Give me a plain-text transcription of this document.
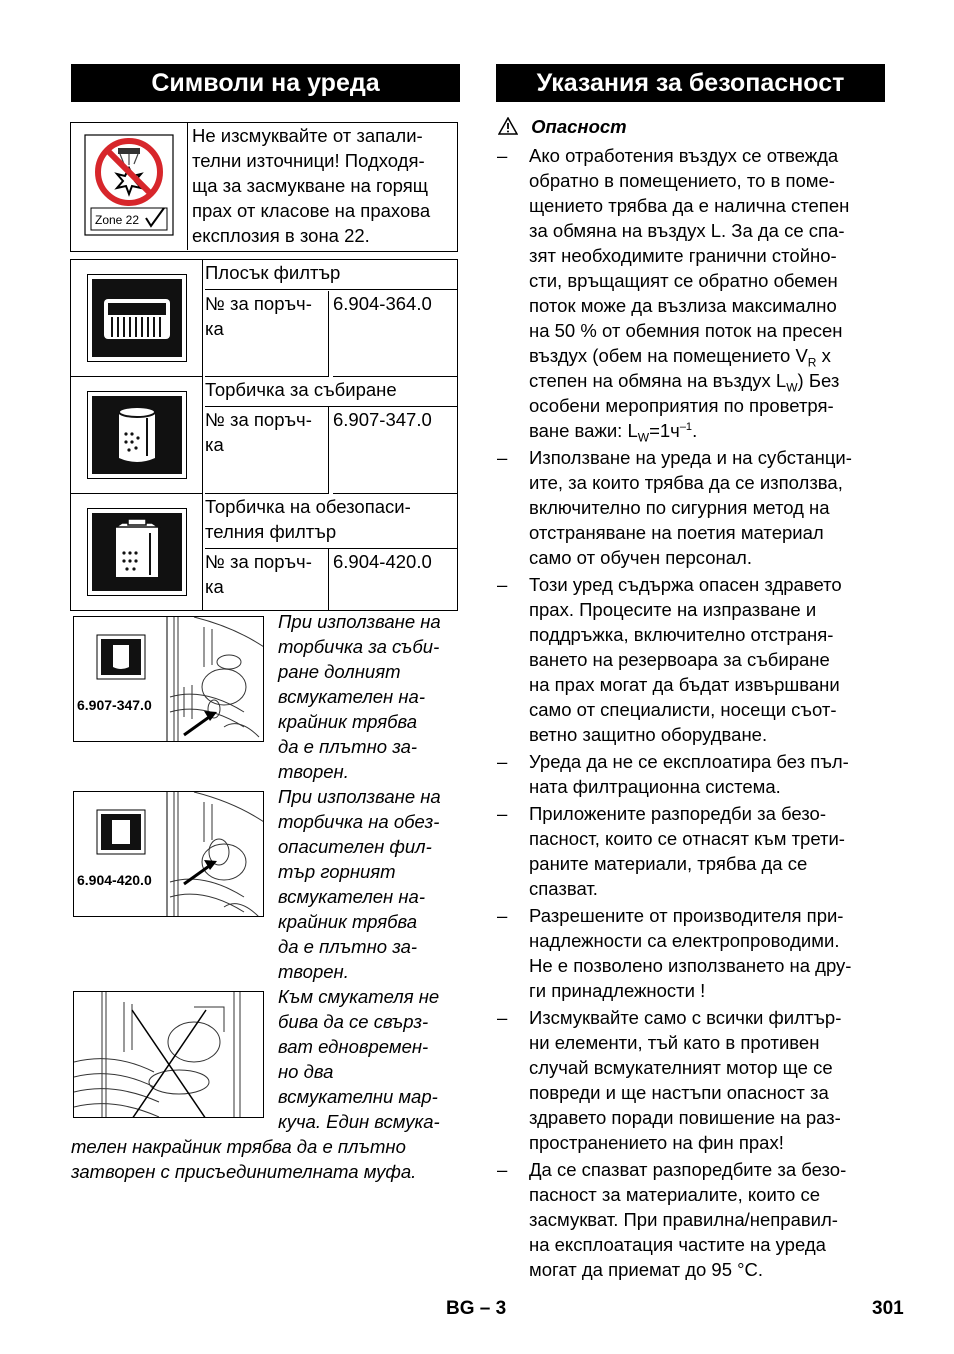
Символи на уреда
Zone 22
Не изсмуквайте от запали-
телни източници! Подходя-
ща за засмукване на горящ
прах от класове на прахова
експлозия в зона 22.
Плосък филтър
№ за поръч-
ка
6.904-364.0
Торбичка за събиране
№ за поръч-
ка
6.907-347.0
Торбичка на обезопаси-
телния филтър
№ за поръч-
ка
6.904-420.0
6.907-347.0
При използване на
торбичка за съби-
ране долният
всмукателен на-
крайник трябва
да е плътно за-
творен.
6.904-420.0
При използване на
торбичка на обез-
опасителен фил-
тър горният
всмукателен на-
крайник трябва
да е плътно за-
творен.
Към смукателя не
бива да се свърз-
ват едновремен-
но два
всмукателни мар-
куча. Един всмука-
телен накрайник трябва да е плътно
затворен с присъединителната муфа.
Указания за безопасност
Опасност
– Ако отработения въздух се отвежда
обратно в помещението, то в поме-
щението трябва да е налична степен
за обмяна на въздух L. За да се спа-
зят необходимите гранични стойно-
сти, връщащият се обратно обемен
поток може да възлиза максимално
на 50 % от обемния поток на пресен
въздух (обем на помещението $V_R$ x
степен на обмяна на въздух $L_W$) Без
особени мероприятия по проветря-
ване важи: $L_W=1ч^{-1}$.
– Използване на уреда и на субстанци-
ите, за които трябва да се използва,
включително по сигурния метод на
отстраняване на поетия материал
само от обучен персонал.
– Този уред съдържа опасен здравето
прах. Процесите на изпразване и
поддръжка, включително отстраня-
ването на резервоара за събиране
на прах могат да бъдат извършвани
само от специалисти, носещи съот-
ветно защитно оборудване.
– Уреда да не се експлоатира без пъл-
ната филтрационна система.
– Приложените разпоредби за безо-
пасност, които се отнасят към трети-
раните материали, трябва да се
спазват.
– Разрешените от производителя при-
надлежности са електропроводими.
Не е позволено използването на дру-
ги принадлежности !
– Изсмуквайте само с всички филтър-
ни елементи, тъй като в противен
случай всмукателният мотор ще се
повреди и ще настъпи опасност за
здравето поради повишение на раз-
пространението на фин прах!
– Да се спазват разпоредбите за безо-
пасност за материалите, които се
засмукват. При правилна/неправил-
на експлоатация частите на уреда
могат да приемат до 95 °C.
BG – 3	301
